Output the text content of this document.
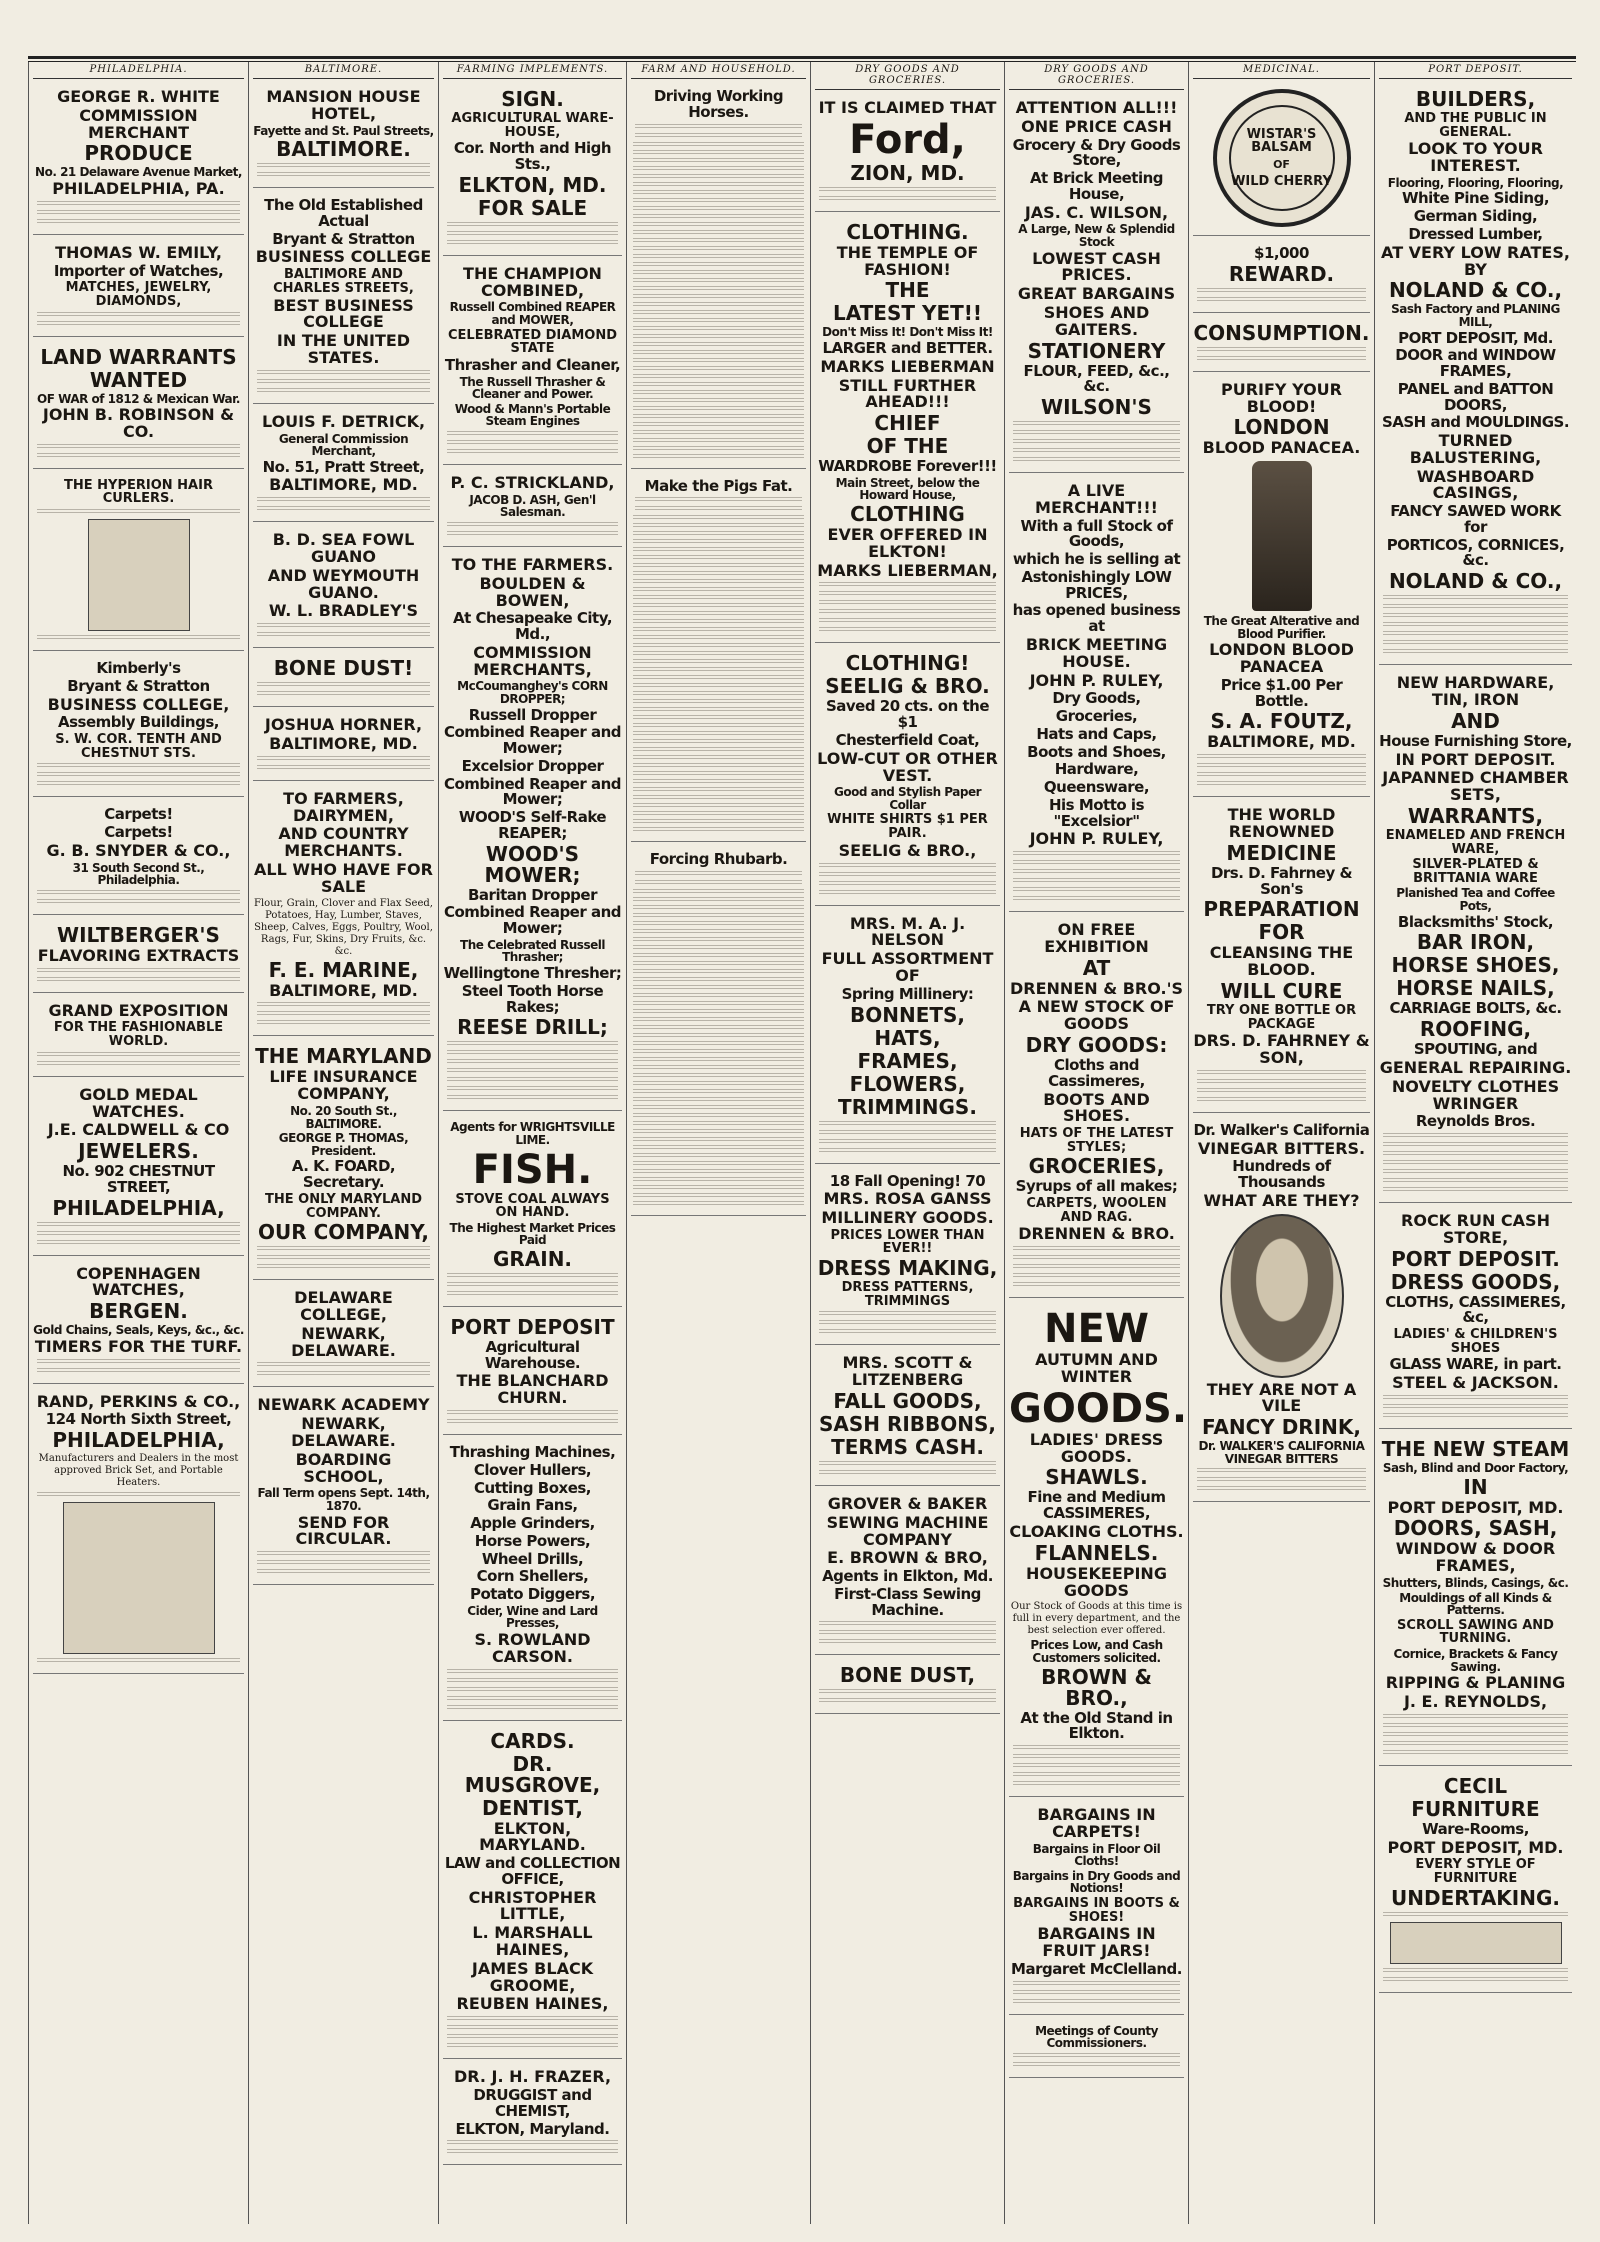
PHILADELPHIA.
GEORGE R. WHITE
COMMISSION MERCHANT
PRODUCE
No. 21 Delaware Avenue Market,
PHILADELPHIA, PA.
THOMAS W. EMILY,
Importer of Watches,
MATCHES, JEWELRY, DIAMONDS,
LAND WARRANTS
WANTED
OF WAR of 1812 & Mexican War.
JOHN B. ROBINSON & CO.
THE HYPERION HAIR CURLERS.
Kimberly's
Bryant & Stratton
BUSINESS COLLEGE,
Assembly Buildings,
S. W. COR. TENTH AND CHESTNUT STS.
Carpets!
Carpets!
G. B. SNYDER & CO.,
31 South Second St., Philadelphia.
WILTBERGER'S
FLAVORING EXTRACTS
GRAND EXPOSITION
FOR THE FASHIONABLE WORLD.
GOLD MEDAL WATCHES.
J.E. CALDWELL & CO
JEWELERS.
No. 902 CHESTNUT STREET,
PHILADELPHIA,
COPENHAGEN WATCHES,
BERGEN.
Gold Chains, Seals, Keys, &c., &c.
TIMERS FOR THE TURF.
RAND, PERKINS & CO.,
124 North Sixth Street,
PHILADELPHIA,
Manufacturers and Dealers in the most approved Brick Set, and Portable Heaters.
BALTIMORE.
MANSION HOUSE HOTEL,
Fayette and St. Paul Streets,
BALTIMORE.
The Old Established Actual
Bryant & Stratton
BUSINESS COLLEGE
BALTIMORE AND CHARLES STREETS,
BEST BUSINESS COLLEGE
IN THE UNITED STATES.
LOUIS F. DETRICK,
General Commission Merchant,
No. 51, Pratt Street,
BALTIMORE, MD.
B. D. SEA FOWL GUANO
AND WEYMOUTH GUANO.
W. L. BRADLEY'S
BONE DUST!
JOSHUA HORNER,
BALTIMORE, MD.
TO FARMERS, DAIRYMEN,
AND COUNTRY MERCHANTS.
ALL WHO HAVE FOR SALE
Flour, Grain, Clover and Flax Seed, Potatoes, Hay, Lumber, Staves, Sheep, Calves, Eggs, Poultry, Wool, Rags, Fur, Skins, Dry Fruits, &c. &c.
F. E. MARINE,
BALTIMORE, MD.
THE MARYLAND
LIFE INSURANCE COMPANY,
No. 20 South St., BALTIMORE.
GEORGE P. THOMAS, President.
A. K. FOARD, Secretary.
THE ONLY MARYLAND COMPANY.
OUR COMPANY,
DELAWARE COLLEGE,
NEWARK, DELAWARE.
NEWARK ACADEMY
NEWARK, DELAWARE.
BOARDING SCHOOL,
Fall Term opens Sept. 14th, 1870.
SEND FOR CIRCULAR.
FARMING IMPLEMENTS.
SIGN.
AGRICULTURAL WARE-HOUSE,
Cor. North and High Sts.,
ELKTON, MD.
FOR SALE
THE CHAMPION COMBINED,
Russell Combined REAPER and MOWER,
CELEBRATED DIAMOND STATE
Thrasher and Cleaner,
The Russell Thrasher & Cleaner and Power.
Wood & Mann's Portable Steam Engines
P. C. STRICKLAND,
JACOB D. ASH, Gen'l Salesman.
TO THE FARMERS.
BOULDEN & BOWEN,
At Chesapeake City, Md.,
COMMISSION MERCHANTS,
McCoumanghey's CORN DROPPER;
Russell Dropper
Combined Reaper and Mower;
Excelsior Dropper
Combined Reaper and Mower;
WOOD'S Self-Rake REAPER;
WOOD'S MOWER;
Baritan Dropper
Combined Reaper and Mower;
The Celebrated Russell Thrasher;
Wellingtone Thresher;
Steel Tooth Horse Rakes;
REESE DRILL;
Agents for WRIGHTSVILLE LIME.
FISH.
STOVE COAL ALWAYS ON HAND.
The Highest Market Prices Paid
GRAIN.
PORT DEPOSIT
Agricultural Warehouse.
THE BLANCHARD CHURN.
Thrashing Machines,
Clover Hullers,
Cutting Boxes,
Grain Fans,
Apple Grinders,
Horse Powers,
Wheel Drills,
Corn Shellers,
Potato Diggers,
Cider, Wine and Lard Presses,
S. ROWLAND CARSON.
CARDS.
DR. MUSGROVE,
DENTIST,
ELKTON, MARYLAND.
LAW and COLLECTION OFFICE,
CHRISTOPHER LITTLE,
L. MARSHALL HAINES,
JAMES BLACK GROOME,
REUBEN HAINES,
DR. J. H. FRAZER,
DRUGGIST and CHEMIST,
ELKTON, Maryland.
FARM AND HOUSEHOLD.
Driving Working Horses.
Make the Pigs Fat.
Forcing Rhubarb.
DRY GOODS AND GROCERIES.
IT IS CLAIMED THAT
Ford,
ZION, MD.
CLOTHING.
THE TEMPLE OF FASHION!
THE
LATEST YET!!
Don't Miss It! Don't Miss It!
LARGER and BETTER.
MARKS LIEBERMAN
STILL FURTHER AHEAD!!!
CHIEF
OF THE
WARDROBE Forever!!!
Main Street, below the Howard House,
CLOTHING
EVER OFFERED IN ELKTON!
MARKS LIEBERMAN,
CLOTHING!
SEELIG & BRO.
Saved 20 cts. on the $1
Chesterfield Coat,
LOW-CUT OR OTHER VEST.
Good and Stylish Paper Collar
WHITE SHIRTS $1 PER PAIR.
SEELIG & BRO.,
MRS. M. A. J. NELSON
FULL ASSORTMENT OF
Spring Millinery:
BONNETS,
HATS,
FRAMES,
FLOWERS,
TRIMMINGS.
18 Fall Opening! 70
MRS. ROSA GANSS
MILLINERY GOODS.
PRICES LOWER THAN EVER!!
DRESS MAKING,
DRESS PATTERNS, TRIMMINGS
MRS. SCOTT & LITZENBERG
FALL GOODS,
SASH RIBBONS,
TERMS CASH.
GROVER & BAKER
SEWING MACHINE COMPANY
E. BROWN & BRO,
Agents in Elkton, Md.
First-Class Sewing Machine.
BONE DUST,
DRY GOODS AND GROCERIES.
ATTENTION ALL!!!
ONE PRICE CASH
Grocery & Dry Goods Store,
At Brick Meeting House,
JAS. C. WILSON,
A Large, New & Splendid Stock
LOWEST CASH PRICES.
GREAT BARGAINS
SHOES AND GAITERS.
STATIONERY
FLOUR, FEED, &c., &c.
WILSON'S
A LIVE MERCHANT!!!
With a full Stock of Goods,
which he is selling at
Astonishingly LOW PRICES,
has opened business at
BRICK MEETING HOUSE.
JOHN P. RULEY,
Dry Goods,
Groceries,
Hats and Caps,
Boots and Shoes,
Hardware,
Queensware,
His Motto is "Excelsior"
JOHN P. RULEY,
ON FREE EXHIBITION
AT
DRENNEN & BRO.'S
A NEW STOCK OF GOODS
DRY GOODS:
Cloths and Cassimeres,
BOOTS AND SHOES.
HATS OF THE LATEST STYLES;
GROCERIES,
Syrups of all makes;
CARPETS, WOOLEN AND RAG.
DRENNEN & BRO.
NEW
AUTUMN AND WINTER
GOODS.
LADIES' DRESS GOODS.
SHAWLS.
Fine and Medium CASSIMERES,
CLOAKING CLOTHS.
FLANNELS.
HOUSEKEEPING GOODS
Our Stock of Goods at this time is full in every department, and the best selection ever offered.
Prices Low, and Cash Customers solicited.
BROWN & BRO.,
At the Old Stand in Elkton.
BARGAINS IN CARPETS!
Bargains in Floor Oil Cloths!
Bargains in Dry Goods and Notions!
BARGAINS IN BOOTS & SHOES!
BARGAINS IN FRUIT JARS!
Margaret McClelland.
Meetings of County Commissioners.
MEDICINAL.
WISTAR'S BALSAM
OF
WILD CHERRY
$1,000
REWARD.
CONSUMPTION.
PURIFY YOUR BLOOD!
LONDON
BLOOD PANACEA.
The Great Alterative and Blood Purifier.
LONDON BLOOD PANACEA
Price $1.00 Per Bottle.
S. A. FOUTZ,
BALTIMORE, MD.
THE WORLD RENOWNED
MEDICINE
Drs. D. Fahrney & Son's
PREPARATION
FOR
CLEANSING THE BLOOD.
WILL CURE
TRY ONE BOTTLE OR PACKAGE
DRS. D. FAHRNEY & SON,
Dr. Walker's California
VINEGAR BITTERS.
Hundreds of Thousands
WHAT ARE THEY?
THEY ARE NOT A VILE
FANCY DRINK,
Dr. WALKER'S CALIFORNIA VINEGAR BITTERS
PORT DEPOSIT.
BUILDERS,
AND THE PUBLIC IN GENERAL.
LOOK TO YOUR INTEREST.
Flooring, Flooring, Flooring,
White Pine Siding,
German Siding,
Dressed Lumber,
AT VERY LOW RATES, BY
NOLAND & CO.,
Sash Factory and PLANING MILL,
PORT DEPOSIT, Md.
DOOR and WINDOW FRAMES,
PANEL and BATTON DOORS,
SASH and MOULDINGS.
TURNED BALUSTERING,
WASHBOARD CASINGS,
FANCY SAWED WORK for
PORTICOS, CORNICES, &c.
NOLAND & CO.,
NEW HARDWARE, TIN, IRON
AND
House Furnishing Store,
IN PORT DEPOSIT.
JAPANNED CHAMBER SETS,
WARRANTS,
ENAMELED AND FRENCH WARE,
SILVER-PLATED & BRITTANIA WARE
Planished Tea and Coffee Pots,
Blacksmiths' Stock,
BAR IRON,
HORSE SHOES,
HORSE NAILS,
CARRIAGE BOLTS, &c.
ROOFING,
SPOUTING, and
GENERAL REPAIRING.
NOVELTY CLOTHES WRINGER
Reynolds Bros.
ROCK RUN CASH STORE,
PORT DEPOSIT.
DRESS GOODS,
CLOTHS, CASSIMERES, &c,
LADIES' & CHILDREN'S SHOES
GLASS WARE, in part.
STEEL & JACKSON.
THE NEW STEAM
Sash, Blind and Door Factory,
IN
PORT DEPOSIT, MD.
DOORS, SASH,
WINDOW & DOOR FRAMES,
Shutters, Blinds, Casings, &c.
Mouldings of all Kinds & Patterns.
SCROLL SAWING AND TURNING.
Cornice, Brackets & Fancy Sawing.
RIPPING & PLANING
J. E. REYNOLDS,
CECIL
FURNITURE
Ware-Rooms,
PORT DEPOSIT, MD.
EVERY STYLE OF FURNITURE
UNDERTAKING.
